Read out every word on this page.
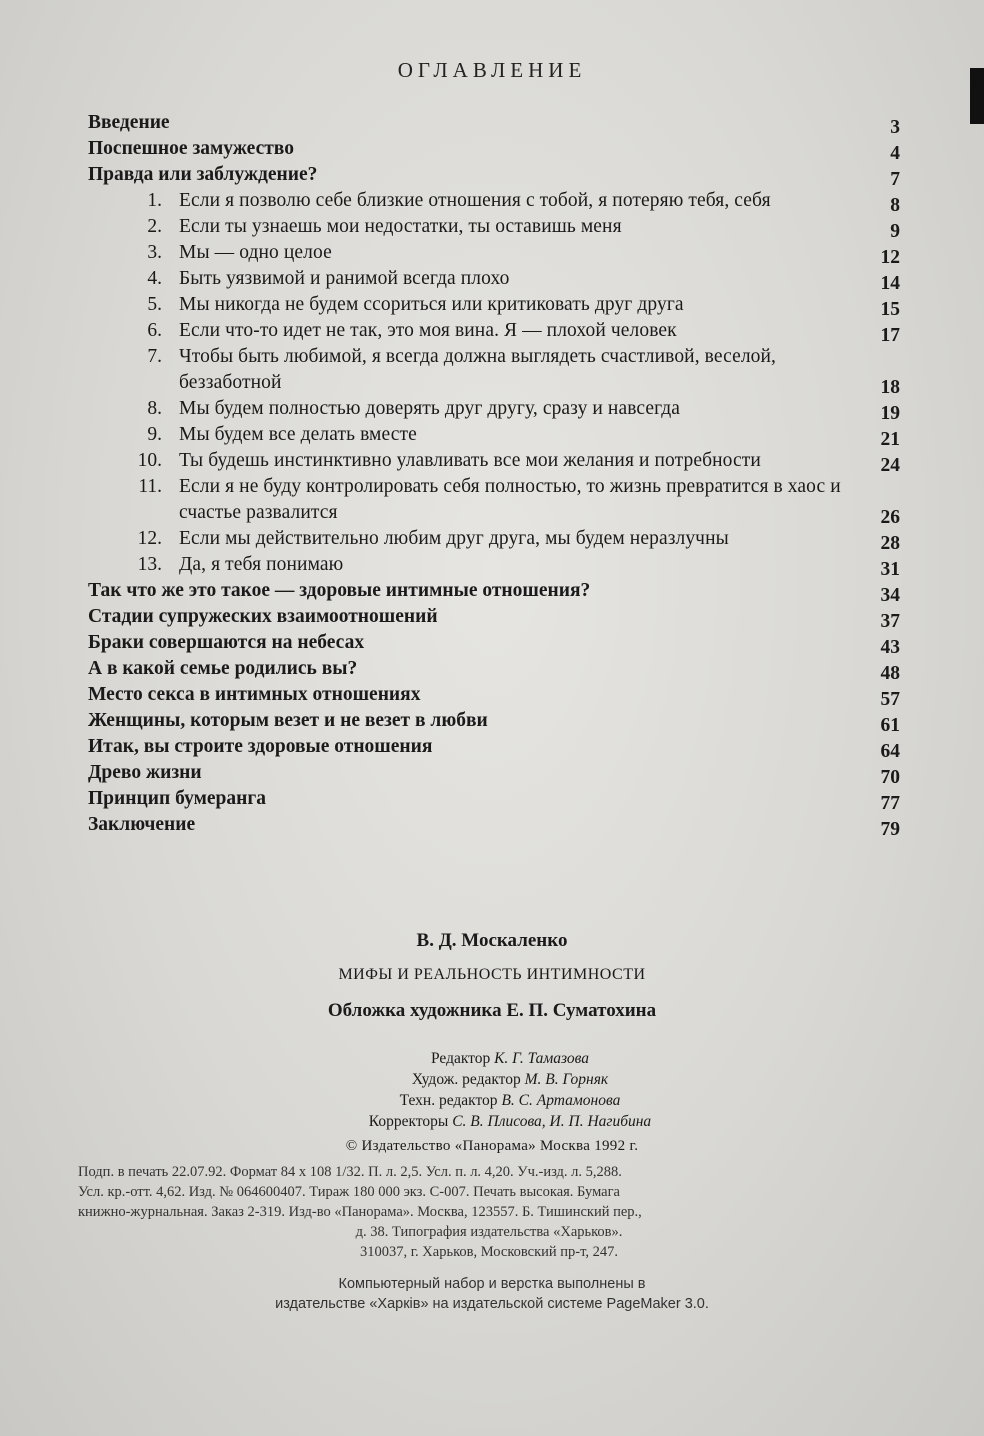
ОГЛАВЛЕНИЕ
Введение	3
Поспешное замужество	4
Правда или заблуждение?	7
1. Если я позволю себе близкие отношения с тобой, я потеряю тебя, себя	8
2. Если ты узнаешь мои недостатки, ты оставишь меня	9
3. Мы — одно целое	12
4. Быть уязвимой и ранимой всегда плохо	14
5. Мы никогда не будем ссориться или критиковать друг друга	15
6. Если что-то идет не так, это моя вина. Я — плохой человек	17
7. Чтобы быть любимой, я всегда должна выглядеть счастливой, веселой, беззаботной	18
8. Мы будем полностью доверять друг другу, сразу и навсегда	19
9. Мы будем все делать вместе	21
10. Ты будешь инстинктивно улавливать все мои желания и потребности	24
11. Если я не буду контролировать себя полностью, то жизнь превратится в хаос и счастье развалится	26
12. Если мы действительно любим друг друга, мы будем неразлучны	28
13. Да, я тебя понимаю	31
Так что же это такое — здоровые интимные отношения?	34
Стадии супружеских взаимоотношений	37
Браки совершаются на небесах	43
А в какой семье родились вы?	48
Место секса в интимных отношениях	57
Женщины, которым везет и не везет в любви	61
Итак, вы строите здоровые отношения	64
Древо жизни	70
Принцип бумеранга	77
Заключение	79
В. Д. Москаленко
МИФЫ И РЕАЛЬНОСТЬ ИНТИМНОСТИ
Обложка художника Е. П. Суматохина
Редактор К. Г. Тамазова
Худож. редактор М. В. Горняк
Техн. редактор В. С. Артамонова
Корректоры С. В. Плисова, И. П. Нагибина
© Издательство «Панорама» Москва 1992 г.
Подп. в печать 22.07.92. Формат 84 х 108 1/32. П. л. 2,5. Усл. п. л. 4,20. Уч.-изд. л. 5,288.
Усл. кр.-отт. 4,62. Изд. № 064600407. Тираж 180 000 экз. С-007. Печать высокая. Бумага
книжно-журнальная. Заказ 2-319. Изд-во «Панорама». Москва, 123557. Б. Тишинский пер.,
д. 38. Типография издательства «Харьков».
310037, г. Харьков, Московский пр-т, 247.
Компьютерный набор и верстка выполнены в
издательстве «Харків» на издательской системе PageMaker 3.0.
